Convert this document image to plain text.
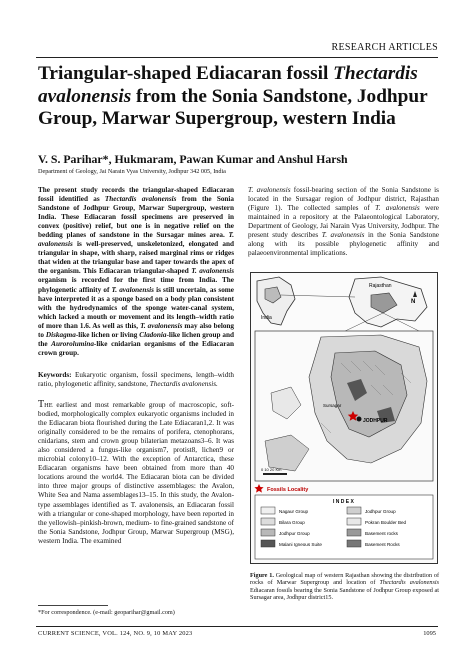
RESEARCH ARTICLES
Triangular-shaped Ediacaran fossil Thectardis avalonensis from the Sonia Sandstone, Jodhpur Group, Marwar Supergroup, western India
V. S. Parihar*, Hukmaram, Pawan Kumar and Anshul Harsh
Department of Geology, Jai Narain Vyas University, Jodhpur 342 005, India
The present study records the triangular-shaped Ediacaran fossil identified as Thectardis avalonensis from the Sonia Sandstone of Jodhpur Group, Marwar Supergroup, western India. These Ediacaran fossil specimens are preserved in convex (positive) relief, but one is in negative relief on the bedding planes of sandstone in the Sursagar mines area. T. avalonensis is well-preserved, unskeletonized, elongated and triangular in shape, with sharp, raised marginal rims or ridges that widen at the triangular base and taper towards the apex of the organism. This Ediacaran triangular-shaped T. avalonensis organism is recorded for the first time from India. The phylogenetic affinity of T. avalonensis is still uncertain, as some have interpreted it as a sponge based on a body plan consistent with the hydrodynamics of the sponge water-canal system, which lacked a mouth or movement and its length–width ratio of more than 1.6. As well as this, T. avalonensis may also belong to Diskagma-like lichen or living Cladonia-like lichen group and the Aurorolumina-like cnidarian organisms of the Ediacaran crown group.
Keywords: Eukaryotic organism, fossil specimens, length–width ratio, phylogenetic affinity, sandstone, Thectardis avalonensis.
THE earliest and most remarkable group of macroscopic, soft-bodied, morphologically complex eukaryotic organisms included in the Ediacaran biota flourished during the Late Ediacaran1,2. It was originally considered to be the remains of porifera, ctenophorans, cnidarians, stem and crown group bilaterian metazoans3–6. It was also considered a fungus-like organism7, protist8, lichen9 or microbial colony10–12. With the exception of Antarctica, these Ediacaran organisms have been obtained from more than 40 locations around the world4. The Ediacaran biota can be divided into three major groups of distinctive assemblages: the Avalon, White Sea and Nama assemblages13–15. In this study, the Avalon-type assemblages identified as T. avalonensis, an Ediacaran fossil with a triangular or cone-shaped morphology, have been reported in the yellowish–pinkish-brown, medium- to fine-grained sandstone of the Sonia Sandstone, Jodhpur Group, Marwar Supergroup (MSG), western India. The examined
T. avalonensis fossil-bearing section of the Sonia Sandstone is located in the Sursagar region of Jodhpur district, Rajasthan (Figure 1). The collected samples of T. avalonensis were maintained in a repository at the Palaeontological Laboratory, Department of Geology, Jai Narain Vyas University, Jodhpur. The present study describes T. avalonensis in the Sonia Sandstone along with its possible phylogenetic affinity and palaeoenvironmental implications.
India
Rajasthan
N
JODHPUR
Sursagar
0 10 20 Km
Fossils Locality
I N D E X
Nagaur Group
Bilara Group
Jodhpur Group
Malani Igneous Suite
Jodhpur Group
Pokran Boulder Bed
Basement rocks
Basement Rocks
Figure 1. Geological map of western Rajasthan showing the distribution of rocks of Marwar Supergroup and location of Thectardis avalonensis Ediacaran fossils bearing the Sonia Sandstone of Jodhpur Group exposed at Sursagar area, Jodhpur district15.
*For correspondence. (e-mail: geoparihar@gmail.com)
CURRENT SCIENCE, VOL. 124, NO. 9, 10 MAY 2023	1095
